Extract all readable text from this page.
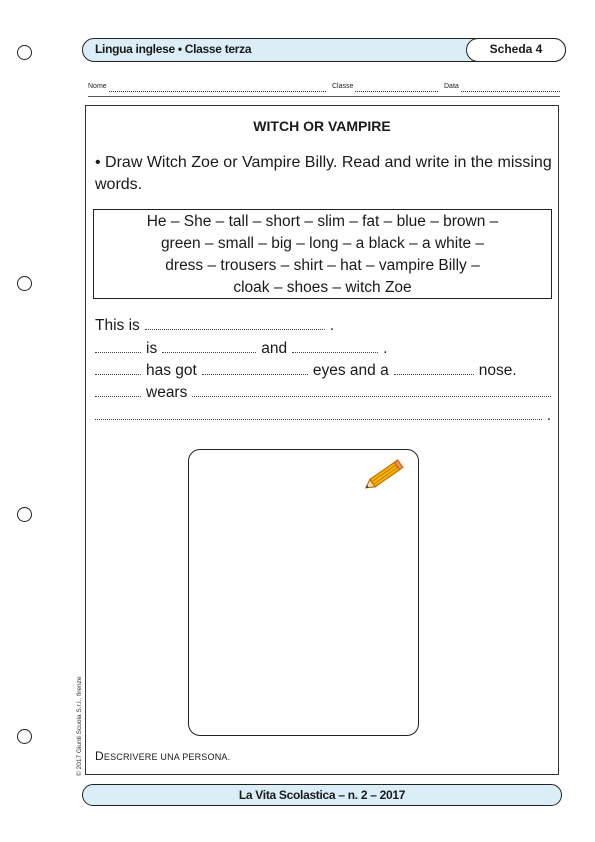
Lingua inglese • Classe terza	Scheda 4
Nome	Classe	Data
WITCH OR VAMPIRE
• Draw Witch Zoe or Vampire Billy. Read and write in the missing words.
He – She – tall – short – slim – fat – blue – brown –
green – small – big – long – a black – a white –
dress – trousers – shirt – hat – vampire Billy –
cloak – shoes – witch Zoe
This is	.
is	and	.
has got	eyes and a	nose.
wears
.
DESCRIVERE UNA PERSONA.
© 2017 Giunti Scuola S.r.l., firenze
La Vita Scolastica – n. 2 – 2017
